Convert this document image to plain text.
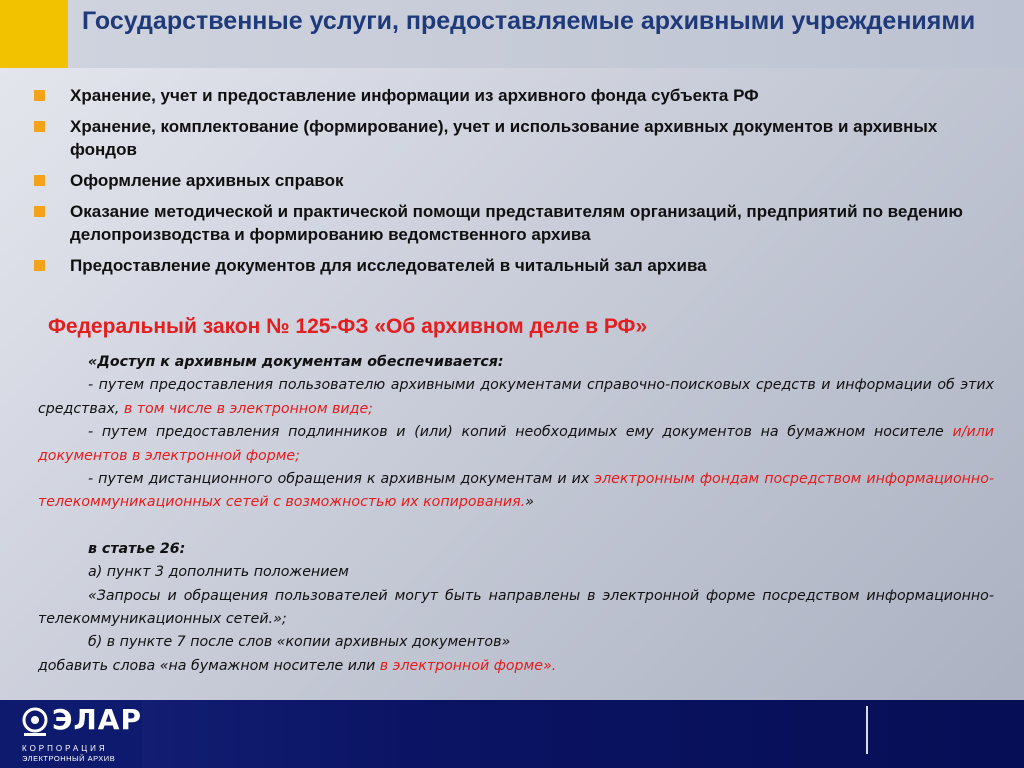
Государственные услуги, предоставляемые архивными учреждениями
Хранение, учет и предоставление информации из архивного фонда субъекта РФ
Хранение, комплектование (формирование), учет и использование архивных документов и архивных фондов
Оформление архивных справок
Оказание методической и практической помощи представителям организаций, предприятий по ведению делопроизводства и формированию ведомственного архива
Предоставление документов для исследователей в читальный зал архива
Федеральный закон № 125-ФЗ «Об архивном деле в РФ»

«Доступ к архивным документам обеспечивается:

- путем предоставления пользователю архивными документами справочно-поисковых средств и информации об этих средствах, в том числе в электронном виде;

- путем предоставления подлинников и (или) копий необходимых ему документов на бумажном носителе и/или документов в электронной форме;

- путем дистанционного обращения к архивным документам и их электронным фондам посредством информационно-телекоммуникационных сетей с возможностью их копирования.»

в статье 26:

а) пункт 3 дополнить положением

«Запросы и обращения пользователей могут быть направлены в электронной форме посредством информационно-телекоммуникационных сетей.»;

б) в пункте 7 после слов «копии архивных документов»

добавить слова «на бумажном носителе или в электронной форме».

ЭЛАР
КОРПОРАЦИЯ
ЭЛЕКТРОННЫЙ АРХИВ
